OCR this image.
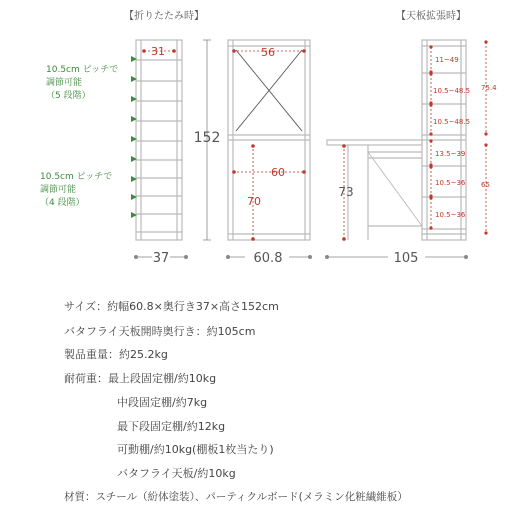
【折りたたみ時】	【天板拡張時】
10.5cm ピッチで
調節可能
（5 段階）
10.5cm ピッチで
調節可能
（4 段階）
31
152
56
60
70
73
11~49
10.5~48.5
10.5~48.5
13.5~39
10.5~36
10.5~36
75.4
65
37	60.8	105
サイズ：約幅60.8×奥行き37×高さ152cm
バタフライ天板開時奥行き：約105cm
製品重量：約25.2kg
耐荷重：最上段固定棚/約10kg
中段固定棚/約7kg
最下段固定棚/約12kg
可動棚/約10kg(棚板1枚当たり)
バタフライ天板/約10kg
材質：スチール（紛体塗装）、パーティクルボード(メラミン化粧繊維板）
